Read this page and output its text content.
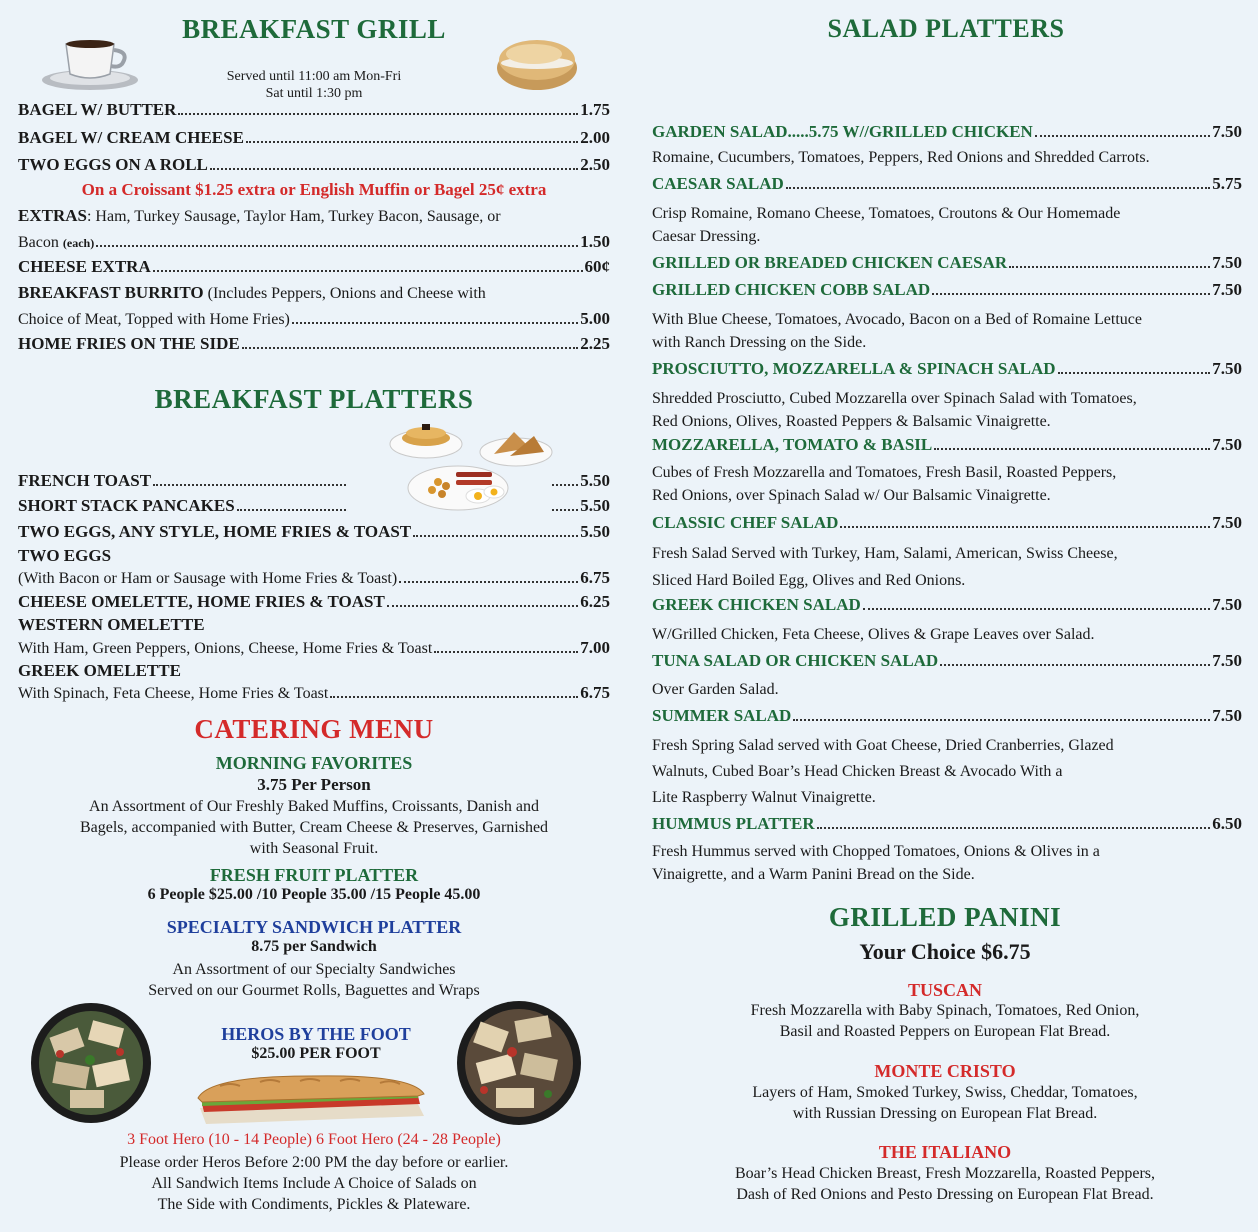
BREAKFAST GRILL
Served until 11:00 am Mon-Fri
Sat until 1:30 pm
BAGEL W/ BUTTER	1.75
BAGEL W/ CREAM CHEESE	2.00
TWO EGGS ON A ROLL	2.50
On a Croissant $1.25 extra or English Muffin or Bagel 25¢ extra
EXTRAS: Ham, Turkey Sausage, Taylor Ham, Turkey Bacon, Sausage, or
Bacon
(each)	1.50
CHEESE EXTRA	60¢
BREAKFAST BURRITO (Includes Peppers, Onions and Cheese with
Choice of Meat, Topped with Home Fries)	5.00
HOME FRIES ON THE SIDE	2.25
BREAKFAST PLATTERS
FRENCH TOAST	5.50
SHORT STACK PANCAKES	5.50
TWO EGGS, ANY STYLE, HOME FRIES & TOAST	5.50
TWO EGGS
(With Bacon or Ham or Sausage with Home Fries & Toast)	6.75
CHEESE OMELETTE, HOME FRIES & TOAST	6.25
WESTERN OMELETTE
With Ham, Green Peppers, Onions, Cheese, Home Fries & Toast	7.00
GREEK OMELETTE
With Spinach, Feta Cheese, Home Fries & Toast	6.75
CATERING MENU
MORNING FAVORITES
3.75 Per Person
An Assortment of Our Freshly Baked Muffins, Croissants, Danish and
Bagels, accompanied with Butter, Cream Cheese & Preserves, Garnished
with Seasonal Fruit.
FRESH FRUIT PLATTER
6 People $25.00 /10 People 35.00 /15 People 45.00
SPECIALTY SANDWICH PLATTER
8.75 per Sandwich
An Assortment of our Specialty Sandwiches
Served on our Gourmet Rolls, Baguettes and Wraps
HEROS BY THE FOOT
$25.00 PER FOOT
3 Foot Hero (10 - 14 People) 6 Foot Hero (24 - 28 People)
Please order Heros Before 2:00 PM the day before or earlier.
All Sandwich Items Include A Choice of Salads on
The Side with Condiments, Pickles & Plateware.
SALAD PLATTERS
GARDEN SALAD .....5.75 W//GRILLED CHICKEN	7.50
Romaine, Cucumbers, Tomatoes, Peppers, Red Onions and Shredded Carrots.
CAESAR SALAD	5.75
Crisp Romaine, Romano Cheese, Tomatoes, Croutons & Our Homemade
Caesar Dressing.
GRILLED OR BREADED CHICKEN CAESAR	7.50
GRILLED CHICKEN COBB SALAD	7.50
With Blue Cheese, Tomatoes, Avocado, Bacon on a Bed of Romaine Lettuce
with Ranch Dressing on the Side.
PROSCIUTTO, MOZZARELLA & SPINACH SALAD	7.50
Shredded Prosciutto, Cubed Mozzarella over Spinach Salad with Tomatoes,
Red Onions, Olives, Roasted Peppers & Balsamic Vinaigrette.
MOZZARELLA, TOMATO & BASIL	7.50
Cubes of Fresh Mozzarella and Tomatoes, Fresh Basil, Roasted Peppers,
Red Onions, over Spinach Salad w/ Our Balsamic Vinaigrette.
CLASSIC CHEF SALAD	7.50
Fresh Salad Served with Turkey, Ham, Salami, American, Swiss Cheese,
Sliced Hard Boiled Egg, Olives and Red Onions.
GREEK CHICKEN SALAD	7.50
W/Grilled Chicken, Feta Cheese, Olives & Grape Leaves over Salad.
TUNA SALAD OR CHICKEN SALAD	7.50
Over Garden Salad.
SUMMER SALAD	7.50
Fresh Spring Salad served with Goat Cheese, Dried Cranberries, Glazed
Walnuts, Cubed Boar’s Head Chicken Breast & Avocado With a
Lite Raspberry Walnut Vinaigrette.
HUMMUS PLATTER	6.50
Fresh Hummus served with Chopped Tomatoes, Onions & Olives in a
Vinaigrette, and a Warm Panini Bread on the Side.
GRILLED PANINI
Your Choice $6.75
TUSCAN
Fresh Mozzarella with Baby Spinach, Tomatoes, Red Onion,
Basil and Roasted Peppers on European Flat Bread.
MONTE CRISTO
Layers of Ham, Smoked Turkey, Swiss, Cheddar, Tomatoes,
with Russian Dressing on European Flat Bread.
THE ITALIANO
Boar’s Head Chicken Breast, Fresh Mozzarella, Roasted Peppers,
Dash of Red Onions and Pesto Dressing on European Flat Bread.
